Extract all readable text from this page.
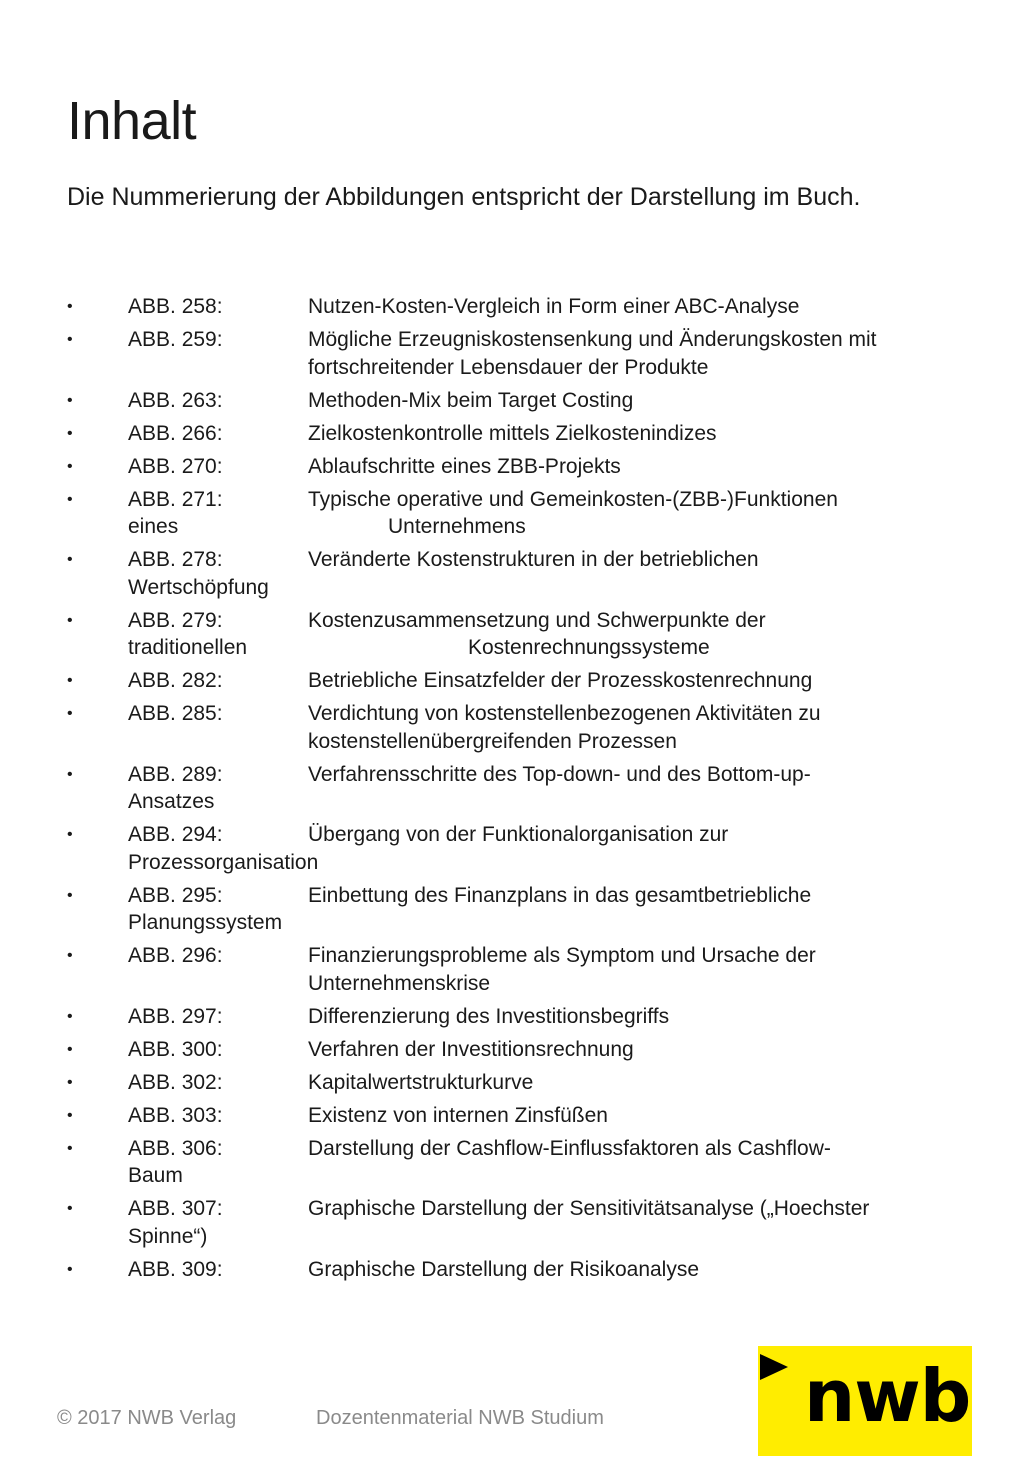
Inhalt

Die Nummerierung der Abbildungen entspricht der Darstellung im Buch.

•	ABB. 258:	Nutzen-Kosten-Vergleich in Form einer ABC-Analyse
•	ABB. 259:	Mögliche Erzeugniskostensenkung und Änderungskosten mit
fortschreitender Lebensdauer der Produkte
•	ABB. 263:	Methoden-Mix beim Target Costing
•	ABB. 266:	Zielkostenkontrolle mittels Zielkostenindizes
•	ABB. 270:	Ablaufschritte eines ZBB-Projekts
•	ABB. 271:	Typische operative und Gemeinkosten-(ZBB-)Funktionen
eines	Unternehmens
•	ABB. 278:	Veränderte Kostenstrukturen in der betrieblichen
Wertschöpfung
•	ABB. 279:	Kostenzusammensetzung und Schwerpunkte der
traditionellen	Kostenrechnungssysteme
•	ABB. 282:	Betriebliche Einsatzfelder der Prozesskostenrechnung
•	ABB. 285:	Verdichtung von kostenstellenbezogenen Aktivitäten zu
kostenstellenübergreifenden Prozessen
•	ABB. 289:	Verfahrensschritte des Top-down- und des Bottom-up-
Ansatzes
•	ABB. 294:	Übergang von der Funktionalorganisation zur
Prozessorganisation
•	ABB. 295:	Einbettung des Finanzplans in das gesamtbetriebliche
Planungssystem
•	ABB. 296:	Finanzierungsprobleme als Symptom und Ursache der
Unternehmenskrise
•	ABB. 297:	Differenzierung des Investitionsbegriffs
•	ABB. 300:	Verfahren der Investitionsrechnung
•	ABB. 302:	Kapitalwertstrukturkurve
•	ABB. 303:	Existenz von internen Zinsfüßen
•	ABB. 306:	Darstellung der Cashflow-Einflussfaktoren als Cashflow-
Baum
•	ABB. 307:	Graphische Darstellung der Sensitivitätsanalyse („Hoechster
Spinne“)
•	ABB. 309:	Graphische Darstellung der Risikoanalyse

© 2017 NWB Verlag	Dozentenmaterial NWB Studium	nwb
